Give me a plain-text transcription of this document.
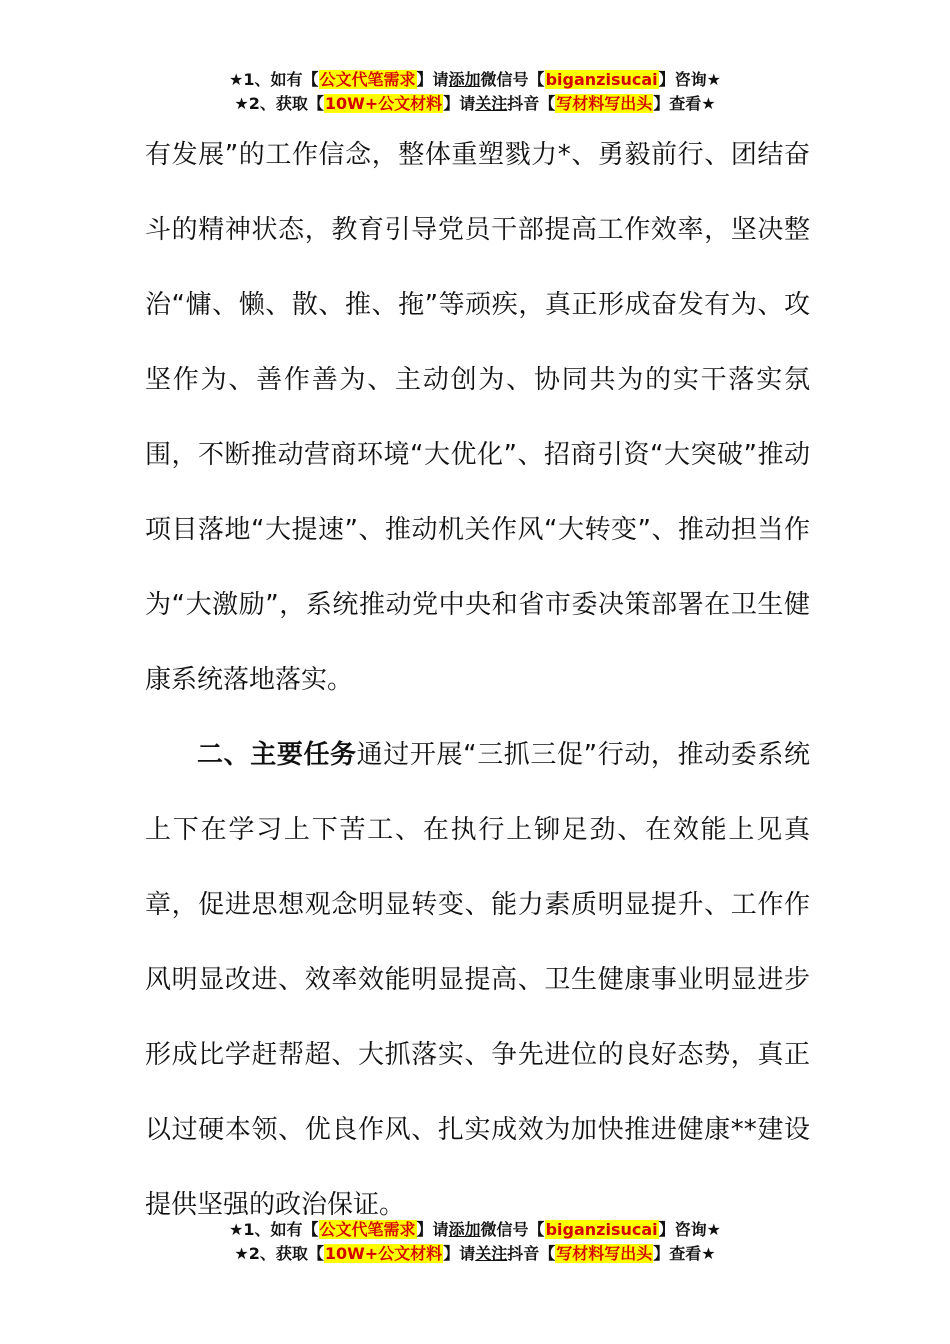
★1、如有【公文代笔需求】请添加微信号【biganzisucai】咨询★
★2、获取【10W+公文材料】请关注抖音【写材料写出头】查看★

有发展”的工作信念，整体重塑戮力*、勇毅前行、团结奋斗的精神状态，教育引导党员干部提高工作效率，坚决整治“慵、懒、散、推、拖”等顽疾，真正形成奋发有为、攻坚作为、善作善为、主动创为、协同共为的实干落实氛围，不断推动营商环境“大优化”、招商引资“大突破”推动项目落地“大提速”、推动机关作风“大转变”、推动担当作为“大激励”，系统推动党中央和省市委决策部署在卫生健康系统落地落实。

二、主要任务通过开展“三抓三促”行动，推动委系统上下在学习上下苦工、在执行上铆足劲、在效能上见真章，促进思想观念明显转变、能力素质明显提升、工作作风明显改进、效率效能明显提高、卫生健康事业明显进步形成比学赶帮超、大抓落实、争先进位的良好态势，真正以过硬本领、优良作风、扎实成效为加快推进健康**建设提供坚强的政治保证。

★1、如有【公文代笔需求】请添加微信号【biganzisucai】咨询★
★2、获取【10W+公文材料】请关注抖音【写材料写出头】查看★
